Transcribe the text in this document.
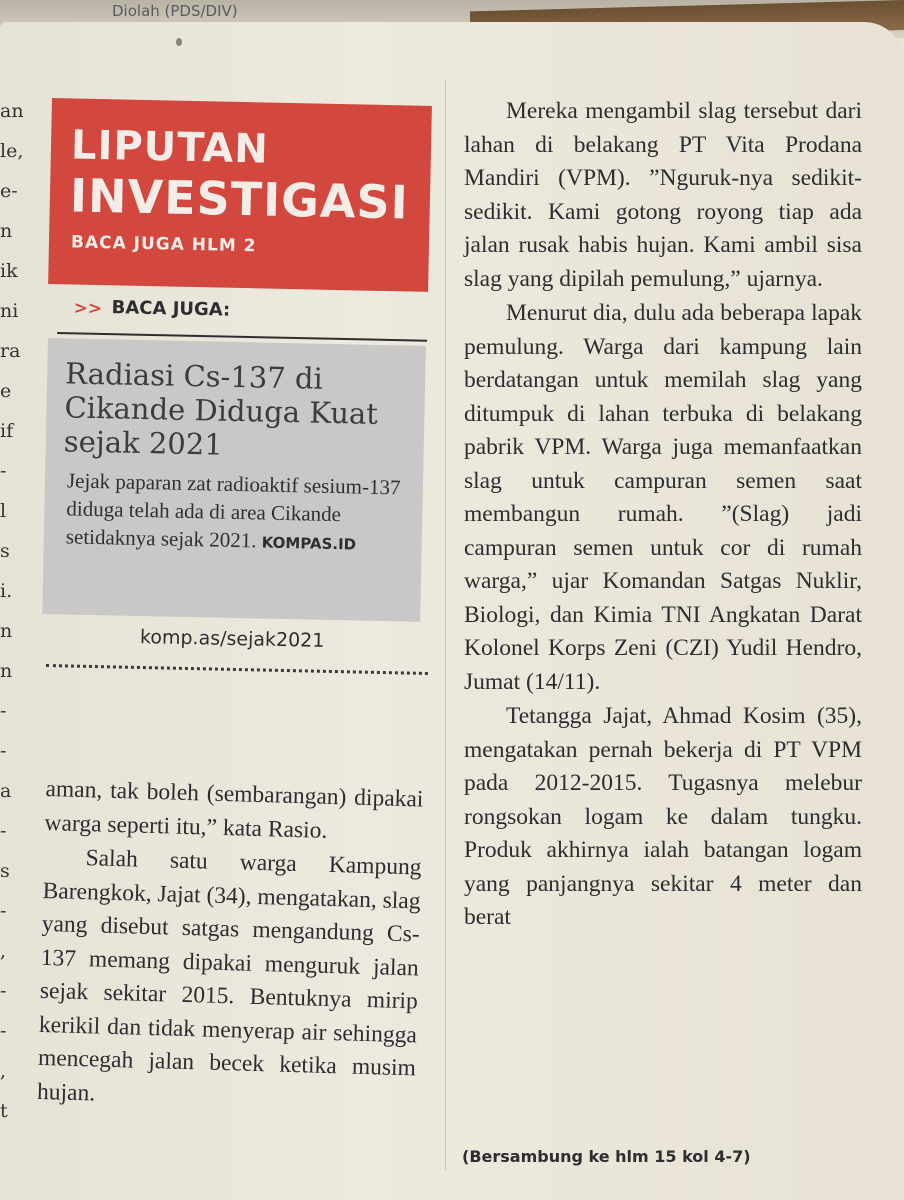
Diolah (PDS/DIV)
an
le,
e-
n
ik
ni
ra
e
if
-
l
s
i.
n
n
-
-
a
-
s
-
,
-
-
,
t
LIPUTAN
INVESTIGASI
BACA JUGA HLM 2
>> BACA JUGA:
Radiasi Cs-137 di Cikande Diduga Kuat sejak 2021
Jejak paparan zat radioaktif sesium-137 diduga telah ada di area Cikande setidaknya sejak 2021. KOMPAS.ID
komp.as/sejak2021

aman, tak boleh (sembarangan) dipakai warga seperti itu,” kata Rasio.

Salah satu warga Kampung Barengkok, Jajat (34), mengatakan, slag yang disebut satgas mengandung Cs-137 memang dipakai menguruk jalan sejak sekitar 2015. Bentuknya mirip kerikil dan tidak menyerap air sehingga mencegah jalan becek ketika musim hujan.

Mereka mengambil slag tersebut dari lahan di belakang PT Vita Prodana Mandiri (VPM). ”Nguruk-nya sedikit-sedikit. Kami gotong royong tiap ada jalan rusak habis hujan. Kami ambil sisa slag yang dipilah pemulung,” ujarnya.

Menurut dia, dulu ada beberapa lapak pemulung. Warga dari kampung lain berdatangan untuk memilah slag yang ditumpuk di lahan terbuka di belakang pabrik VPM. Warga juga memanfaatkan slag untuk campuran semen saat membangun rumah. ”(Slag) jadi campuran semen untuk cor di rumah warga,” ujar Komandan Satgas Nuklir, Biologi, dan Kimia TNI Angkatan Darat Kolonel Korps Zeni (CZI) Yudil Hendro, Jumat (14/11).

Tetangga Jajat, Ahmad Kosim (35), mengatakan pernah bekerja di PT VPM pada 2012-2015. Tugasnya melebur rongsokan logam ke dalam tungku. Produk akhirnya ialah batangan logam yang panjangnya sekitar 4 meter dan berat

(Bersambung ke hlm 15 kol 4-7)
